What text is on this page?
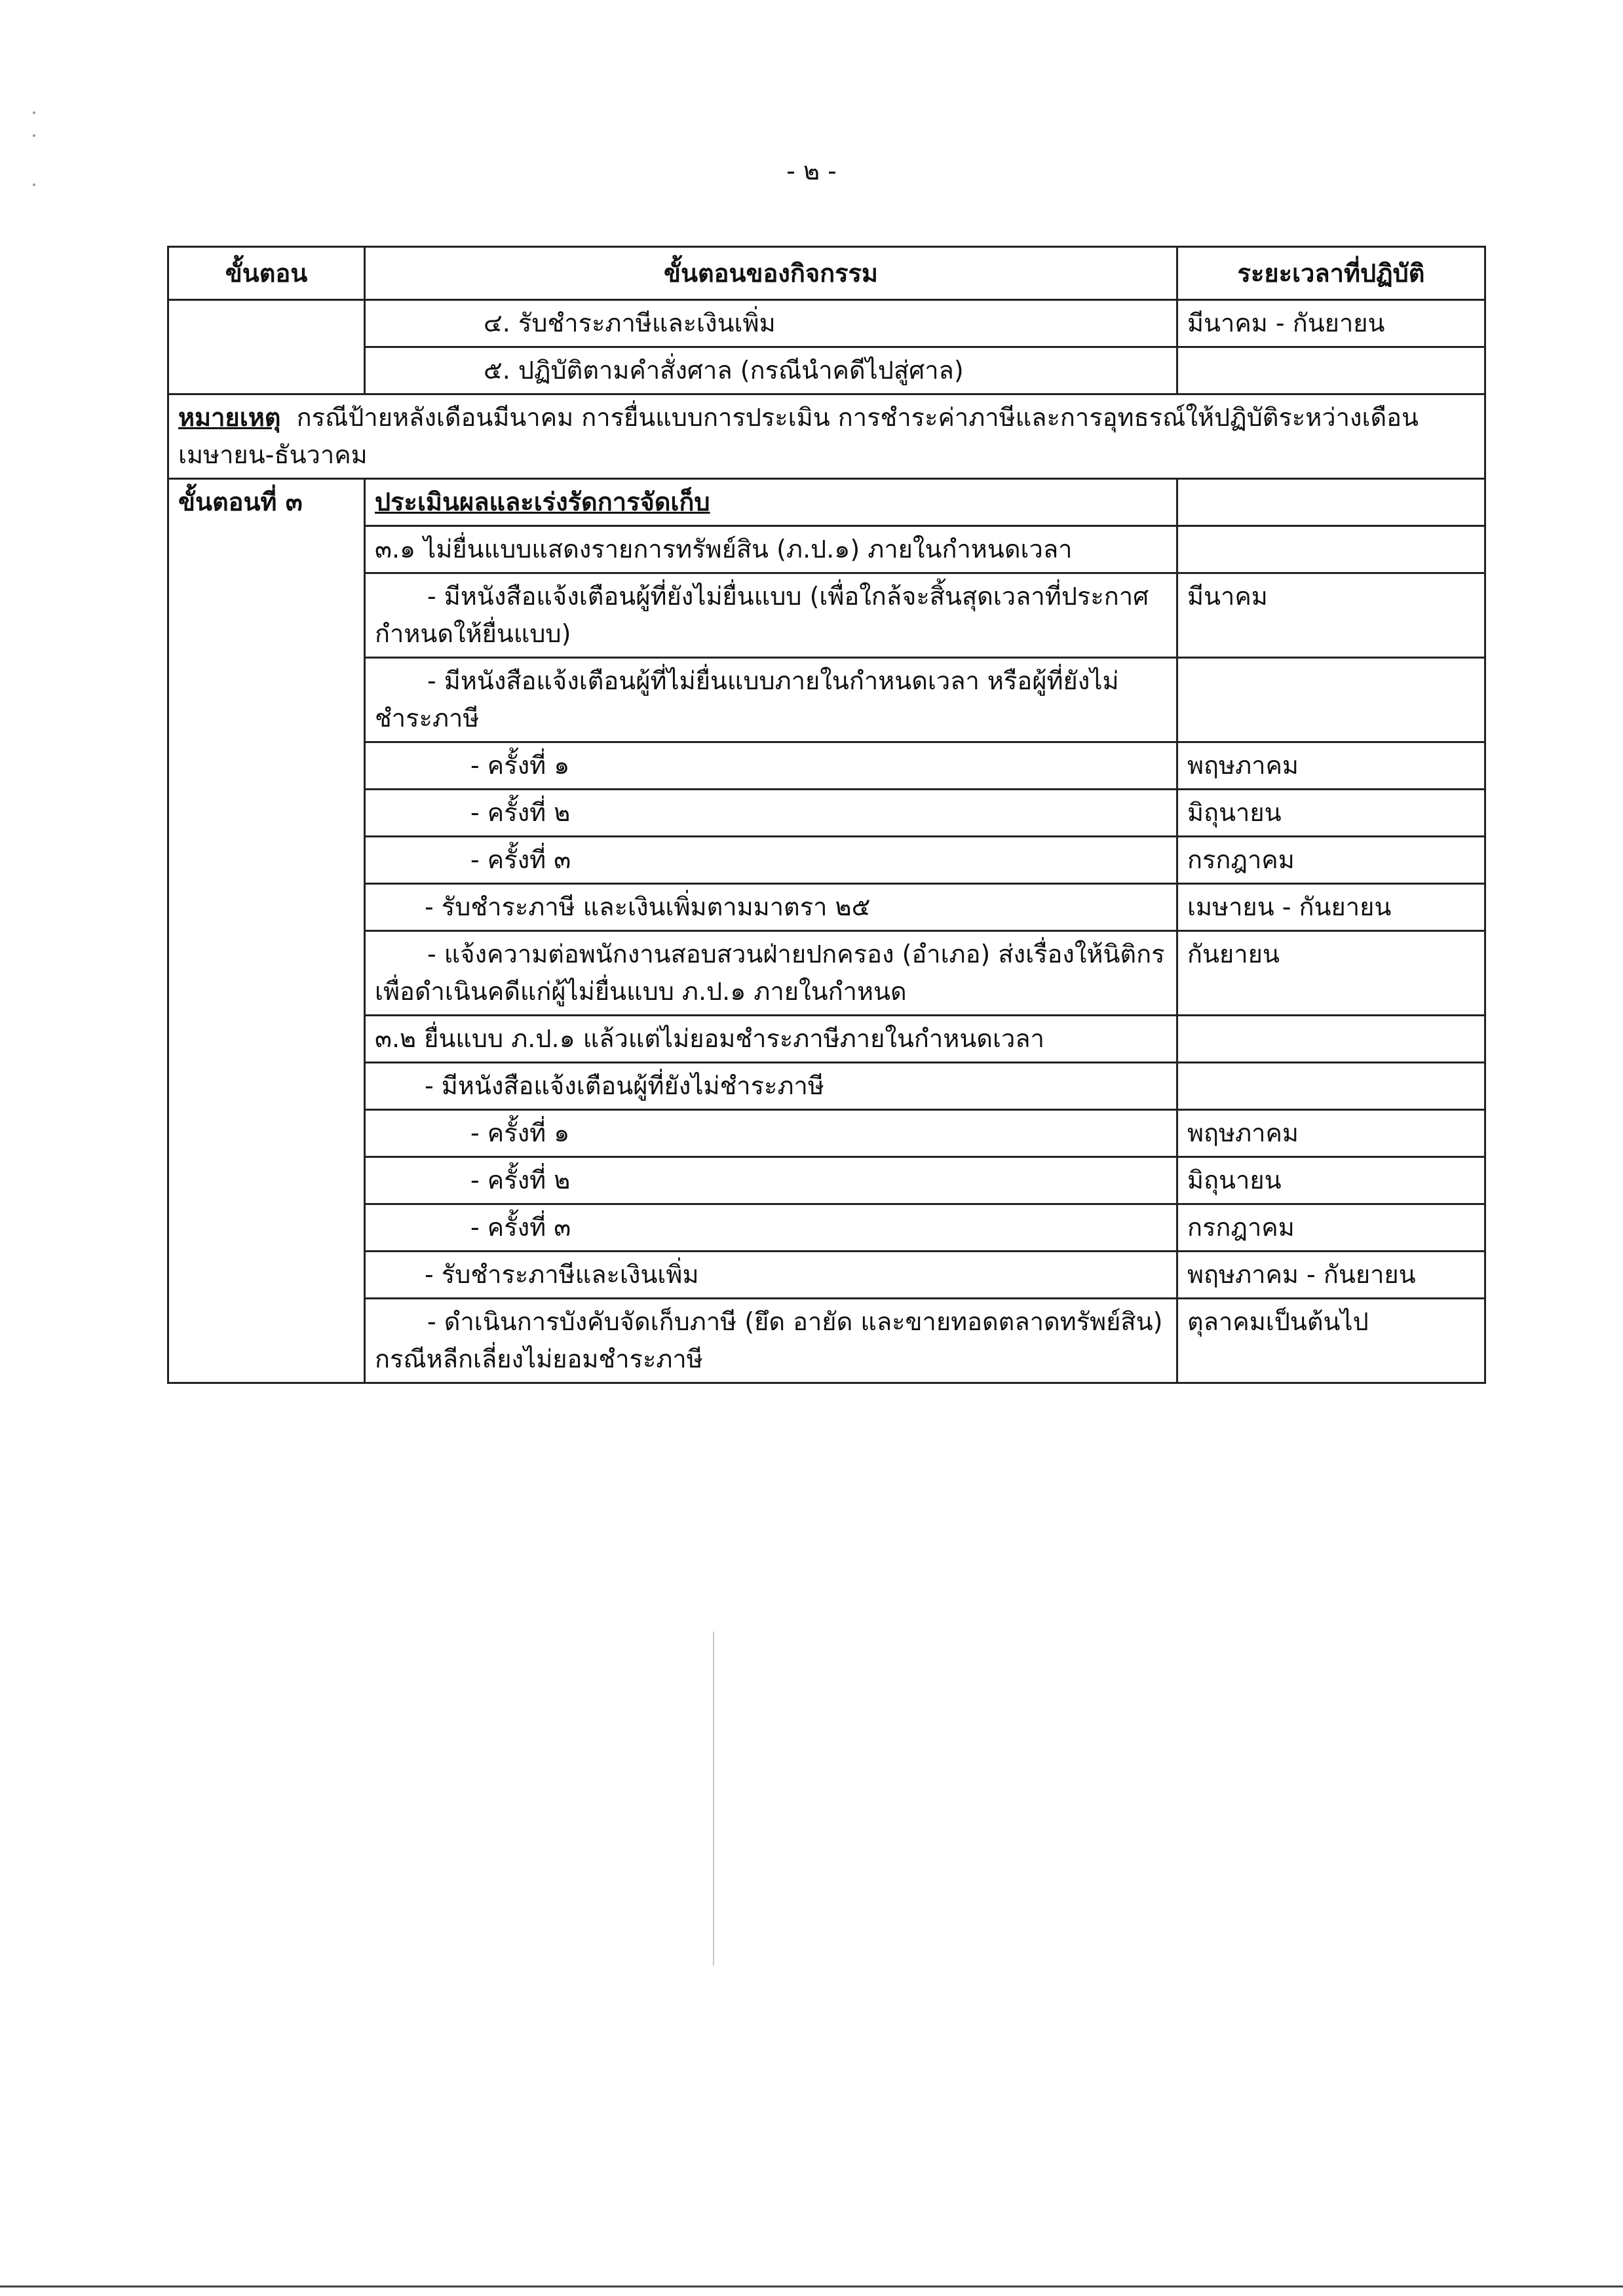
- ๒ -
ขั้นตอน	ขั้นตอนของกิจกรรม	ระยะเวลาที่ปฏิบัติ
	๔. รับชำระภาษีและเงินเพิ่ม	มีนาคม - กันยายน
	๕. ปฏิบัติตามคำสั่งศาล (กรณีนำคดีไปสู่ศาล)	
หมายเหตุ กรณีป้ายหลังเดือนมีนาคม การยื่นแบบการประเมิน การชำระค่าภาษีและการอุทธรณ์ให้ปฏิบัติระหว่างเดือนเมษายน-ธันวาคม		
ขั้นตอนที่ ๓	ประเมินผลและเร่งรัดการจัดเก็บ	
	๓.๑ ไม่ยื่นแบบแสดงรายการทรัพย์สิน (ภ.ป.๑) ภายในกำหนดเวลา	
	- มีหนังสือแจ้งเตือนผู้ที่ยังไม่ยื่นแบบ (เพื่อใกล้จะสิ้นสุดเวลาที่ประกาศกำหนดให้ยื่นแบบ)	มีนาคม
	- มีหนังสือแจ้งเตือนผู้ที่ไม่ยื่นแบบภายในกำหนดเวลา หรือผู้ที่ยังไม่ชำระภาษี	
	- ครั้งที่ ๑	พฤษภาคม
	- ครั้งที่ ๒	มิถุนายน
	- ครั้งที่ ๓	กรกฎาคม
	- รับชำระภาษี และเงินเพิ่มตามมาตรา ๒๕	เมษายน - กันยายน
	- แจ้งความต่อพนักงานสอบสวนฝ่ายปกครอง (อำเภอ) ส่งเรื่องให้นิติกร เพื่อดำเนินคดีแก่ผู้ไม่ยื่นแบบ ภ.ป.๑ ภายในกำหนด	กันยายน
	๓.๒ ยื่นแบบ ภ.ป.๑ แล้วแต่ไม่ยอมชำระภาษีภายในกำหนดเวลา	
	- มีหนังสือแจ้งเตือนผู้ที่ยังไม่ชำระภาษี	
	- ครั้งที่ ๑	พฤษภาคม
	- ครั้งที่ ๒	มิถุนายน
	- ครั้งที่ ๓	กรกฎาคม
	- รับชำระภาษีและเงินเพิ่ม	พฤษภาคม - กันยายน
	- ดำเนินการบังคับจัดเก็บภาษี (ยึด อายัด และขายทอดตลาดทรัพย์สิน) กรณีหลีกเลี่ยงไม่ยอมชำระภาษี	ตุลาคมเป็นต้นไป
